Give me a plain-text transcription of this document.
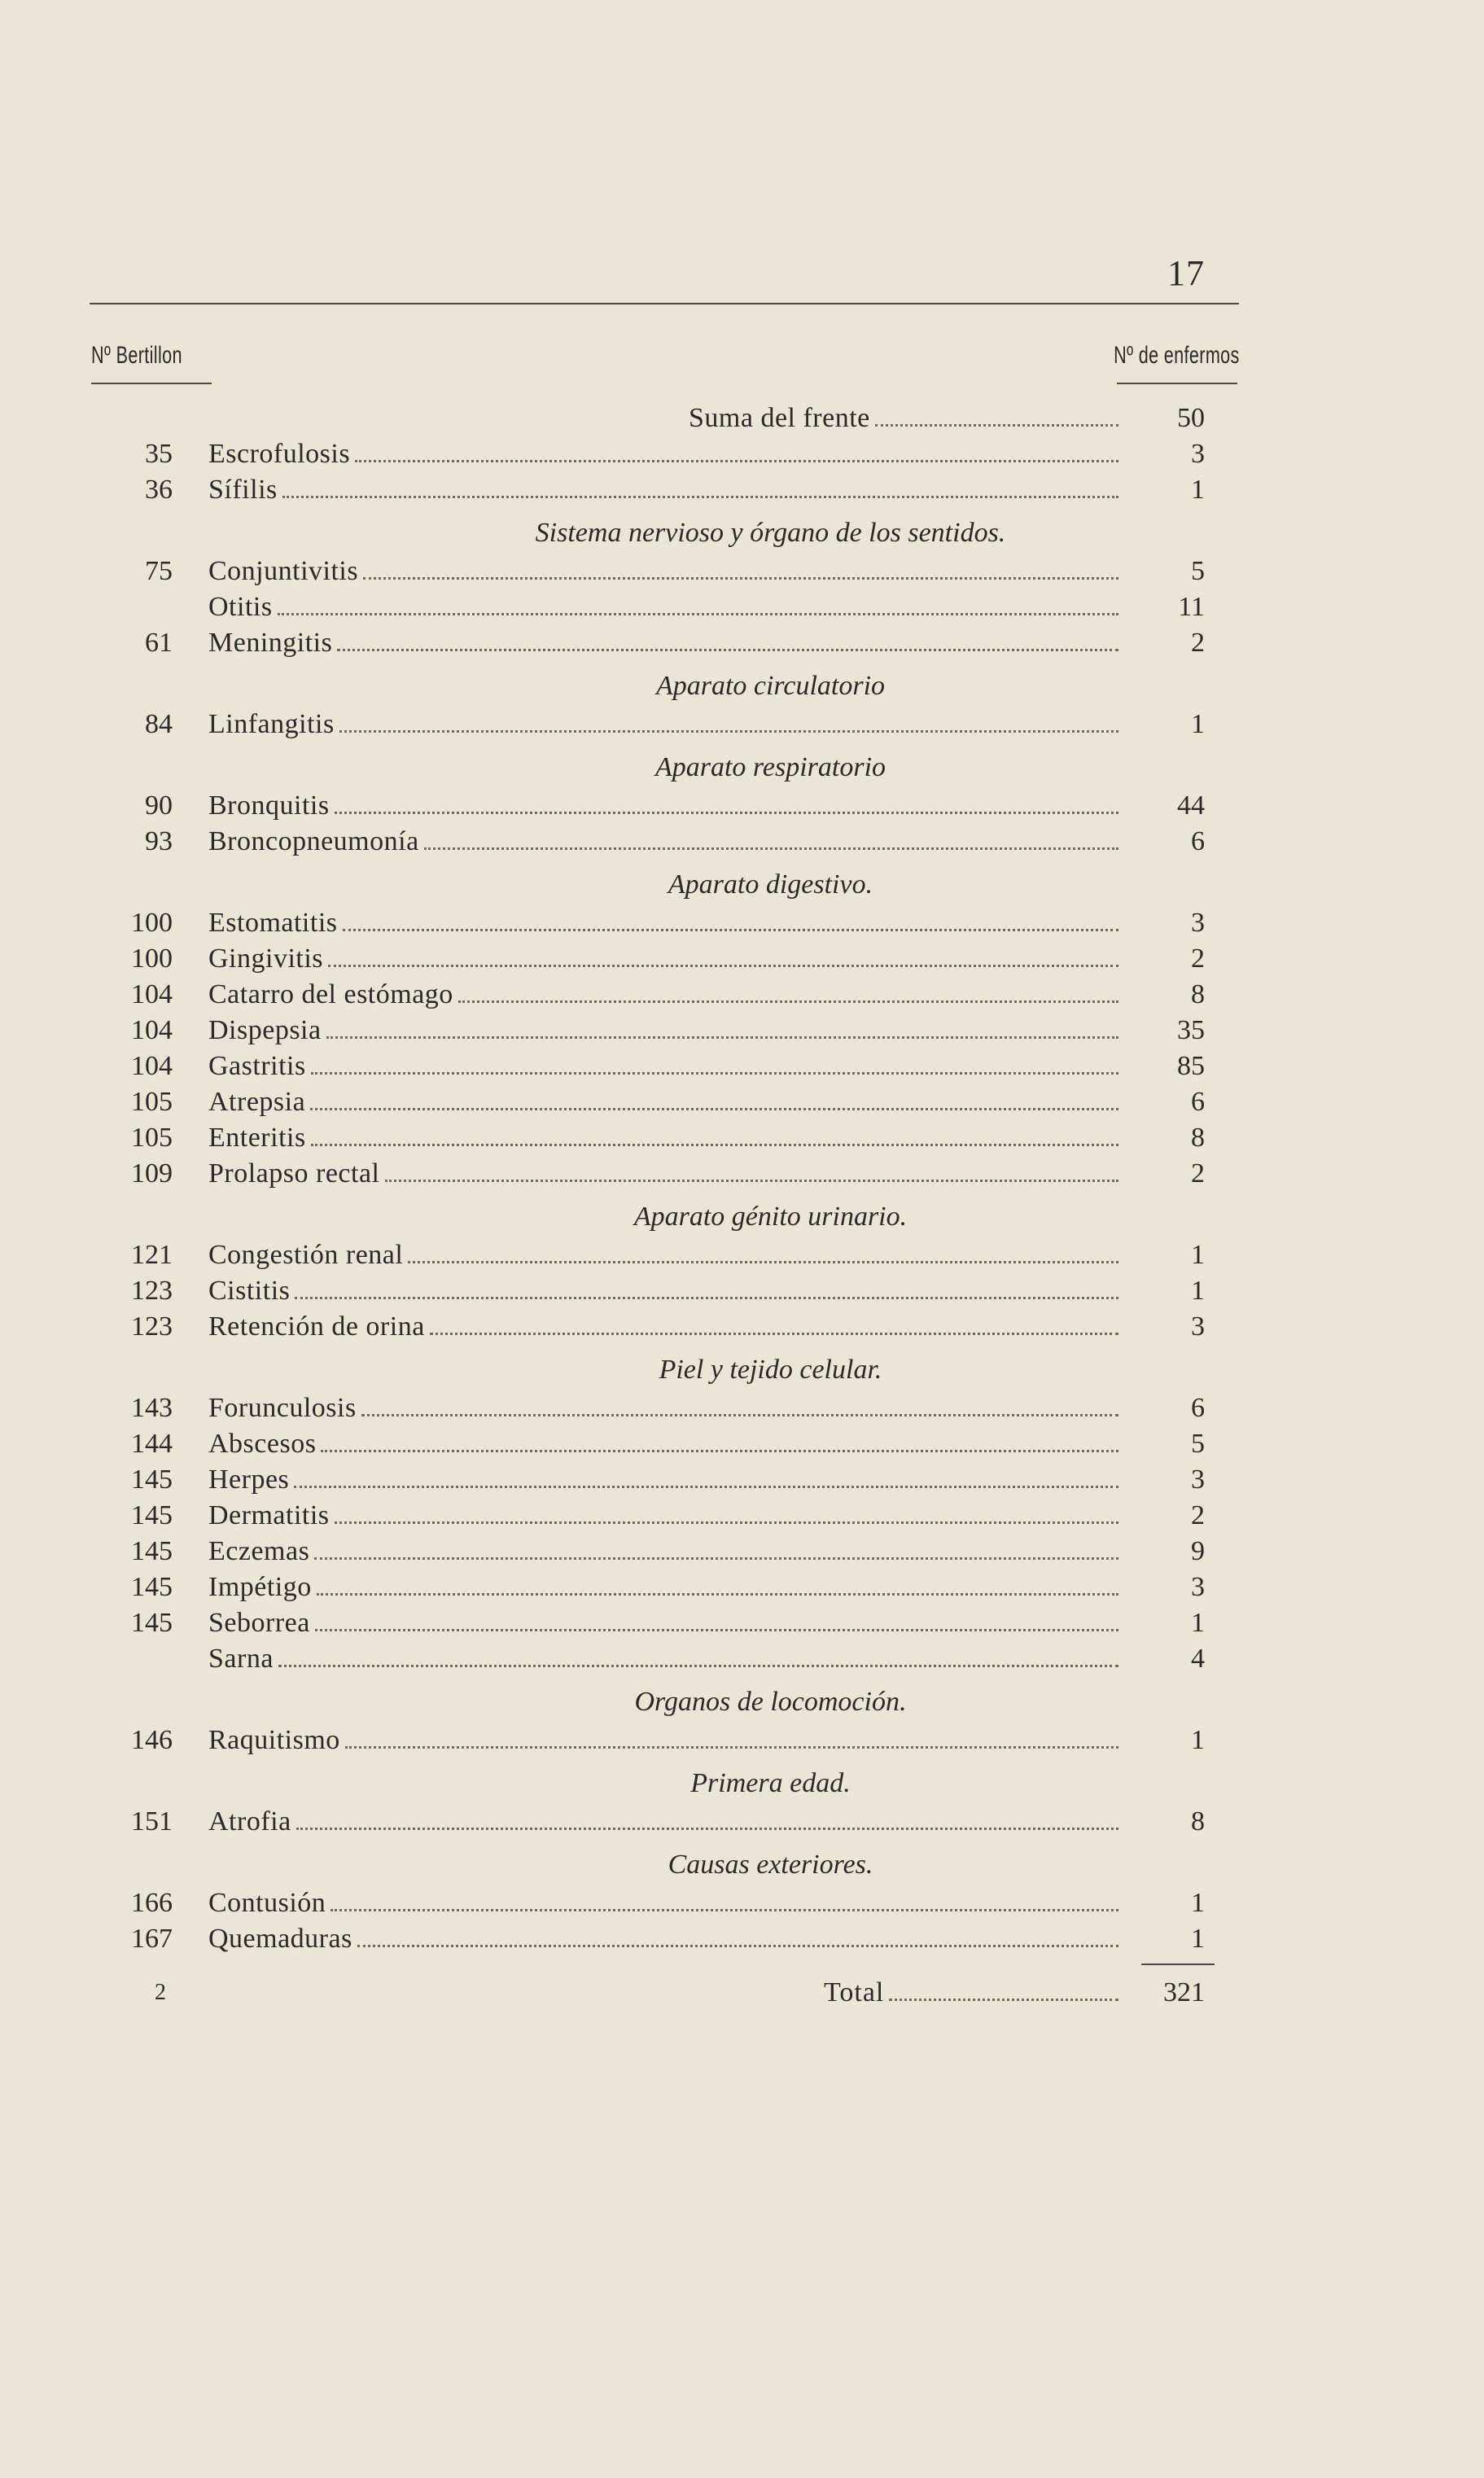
17
Nº Bertillon	Nº de enfermos
Suma del frente	50
35 Escrofulosis	3
36 Sífilis	1
Sistema nervioso y órgano de los sentidos.
75 Conjuntivitis	5
Otitis	11
61 Meningitis	2
Aparato circulatorio
84 Linfangitis	1
Aparato respiratorio
90 Bronquitis	44
93 Broncopneumonía	6
Aparato digestivo.
100 Estomatitis	3
100 Gingivitis	2
104 Catarro del estómago	8
104 Dispepsia	35
104 Gastritis	85
105 Atrepsia	6
105 Enteritis	8
109 Prolapso rectal	2
Aparato génito urinario.
121 Congestión renal	1
123 Cistitis	1
123 Retención de orina	3
Piel y tejido celular.
143 Forunculosis	6
144 Abscesos	5
145 Herpes	3
145 Dermatitis	2
145 Eczemas	9
145 Impétigo	3
145 Seborrea	1
Sarna	4
Organos de locomoción.
146 Raquitismo	1
Primera edad.
151 Atrofia	8
Causas exteriores.
166 Contusión	1
167 Quemaduras	1
2	Total	321
